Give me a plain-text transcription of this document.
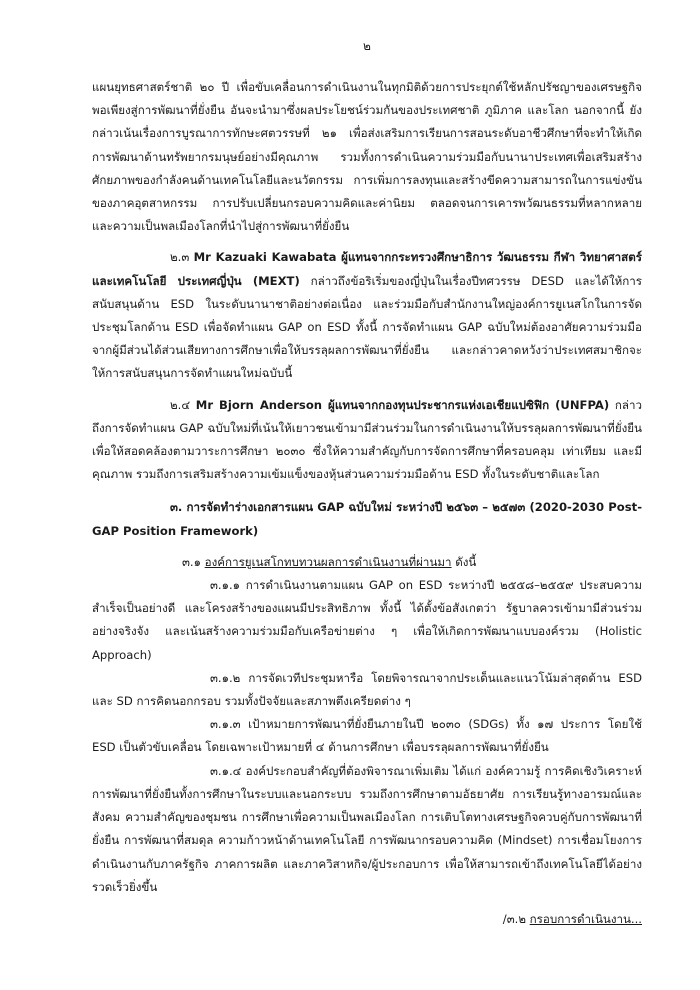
๒

แผนยุทธศาสตร์ชาติ ๒๐ ปี เพื่อขับเคลื่อนการดำเนินงานในทุกมิติด้วยการประยุกต์ใช้หลักปรัชญาของเศรษฐกิจพอเพียงสู่การพัฒนาที่ยั่งยืน อันจะนำมาซึ่งผลประโยชน์ร่วมกันของประเทศชาติ ภูมิภาค และโลก นอกจากนี้ ยังกล่าวเน้นเรื่องการบูรณาการทักษะศตวรรษที่ ๒๑ เพื่อส่งเสริมการเรียนการสอนระดับอาชีวศึกษาที่จะทำให้เกิดการพัฒนาด้านทรัพยากรมนุษย์อย่างมีคุณภาพ รวมทั้งการดำเนินความร่วมมือกับนานาประเทศเพื่อเสริมสร้างศักยภาพของกำลังคนด้านเทคโนโลยีและนวัตกรรม การเพิ่มการลงทุนและสร้างขีดความสามารถในการแข่งขันของภาคอุตสาหกรรม การปรับเปลี่ยนกรอบความคิดและค่านิยม ตลอดจนการเคารพวัฒนธรรมที่หลากหลาย และความเป็นพลเมืองโลกที่นำไปสู่การพัฒนาที่ยั่งยืน

๒.๓ Mr Kazuaki Kawabata ผู้แทนจากกระทรวงศึกษาธิการ วัฒนธรรม กีฬา วิทยาศาสตร์และเทคโนโลยี ประเทศญี่ปุ่น (MEXT) กล่าวถึงข้อริเริ่มของญี่ปุ่นในเรื่องปีทศวรรษ DESD และได้ให้การสนับสนุนด้าน ESD ในระดับนานาชาติอย่างต่อเนื่อง และร่วมมือกับสำนักงานใหญ่องค์การยูเนสโกในการจัดประชุมโลกด้าน ESD เพื่อจัดทำแผน GAP on ESD ทั้งนี้ การจัดทำแผน GAP ฉบับใหม่ต้องอาศัยความร่วมมือจากผู้มีส่วนได้ส่วนเสียทางการศึกษาเพื่อให้บรรลุผลการพัฒนาที่ยั่งยืน และกล่าวคาดหวังว่าประเทศสมาชิกจะให้การสนับสนุนการจัดทำแผนใหม่ฉบับนี้

๒.๔ Mr Bjorn Anderson ผู้แทนจากกองทุนประชากรแห่งเอเชียแปซิฟิก (UNFPA) กล่าวถึงการจัดทำแผน GAP ฉบับใหม่ที่เน้นให้เยาวชนเข้ามามีส่วนร่วมในการดำเนินงานให้บรรลุผลการพัฒนาที่ยั่งยืนเพื่อให้สอดคล้องตามวาระการศึกษา ๒๐๓๐ ซึ่งให้ความสำคัญกับการจัดการศึกษาที่ครอบคลุม เท่าเทียม และมีคุณภาพ รวมถึงการเสริมสร้างความเข้มแข็งของหุ้นส่วนความร่วมมือด้าน ESD ทั้งในระดับชาติและโลก

๓. การจัดทำร่างเอกสารแผน GAP ฉบับใหม่ ระหว่างปี ๒๕๖๓ – ๒๕๗๓ (2020-2030 Post-GAP Position Framework)

๓.๑ องค์การยูเนสโกทบทวนผลการดำเนินงานที่ผ่านมา ดังนี้

๓.๑.๑ การดำเนินงานตามแผน GAP on ESD ระหว่างปี ๒๕๕๘–๒๕๕๙ ประสบความสำเร็จเป็นอย่างดี และโครงสร้างของแผนมีประสิทธิภาพ ทั้งนี้ ได้ตั้งข้อสังเกตว่า รัฐบาลควรเข้ามามีส่วนร่วมอย่างจริงจัง และเน้นสร้างความร่วมมือกับเครือข่ายต่าง ๆ เพื่อให้เกิดการพัฒนาแบบองค์รวม (Holistic Approach)

๓.๑.๒ การจัดเวทีประชุมหารือ โดยพิจารณาจากประเด็นและแนวโน้มล่าสุดด้าน ESD และ SD การคิดนอกกรอบ รวมทั้งปัจจัยและสภาพตึงเครียดต่าง ๆ

๓.๑.๓ เป้าหมายการพัฒนาที่ยั่งยืนภายในปี ๒๐๓๐ (SDGs) ทั้ง ๑๗ ประการ โดยใช้ ESD เป็นตัวขับเคลื่อน โดยเฉพาะเป้าหมายที่ ๔ ด้านการศึกษา เพื่อบรรลุผลการพัฒนาที่ยั่งยืน

๓.๑.๔ องค์ประกอบสำคัญที่ต้องพิจารณาเพิ่มเติม ได้แก่ องค์ความรู้ การคิดเชิงวิเคราะห์ การพัฒนาที่ยั่งยืนทั้งการศึกษาในระบบและนอกระบบ รวมถึงการศึกษาตามอัธยาศัย การเรียนรู้ทางอารมณ์และสังคม ความสำคัญของชุมชน การศึกษาเพื่อความเป็นพลเมืองโลก การเติบโตทางเศรษฐกิจควบคู่กับการพัฒนาที่ยั่งยืน การพัฒนาที่สมดุล ความก้าวหน้าด้านเทคโนโลยี การพัฒนากรอบความคิด (Mindset) การเชื่อมโยงการดำเนินงานกับภาครัฐกิจ ภาคการผลิต และภาควิสาหกิจ/ผู้ประกอบการ เพื่อให้สามารถเข้าถึงเทคโนโลยีได้อย่างรวดเร็วยิ่งขึ้น

/๓.๒ กรอบการดำเนินงาน...
